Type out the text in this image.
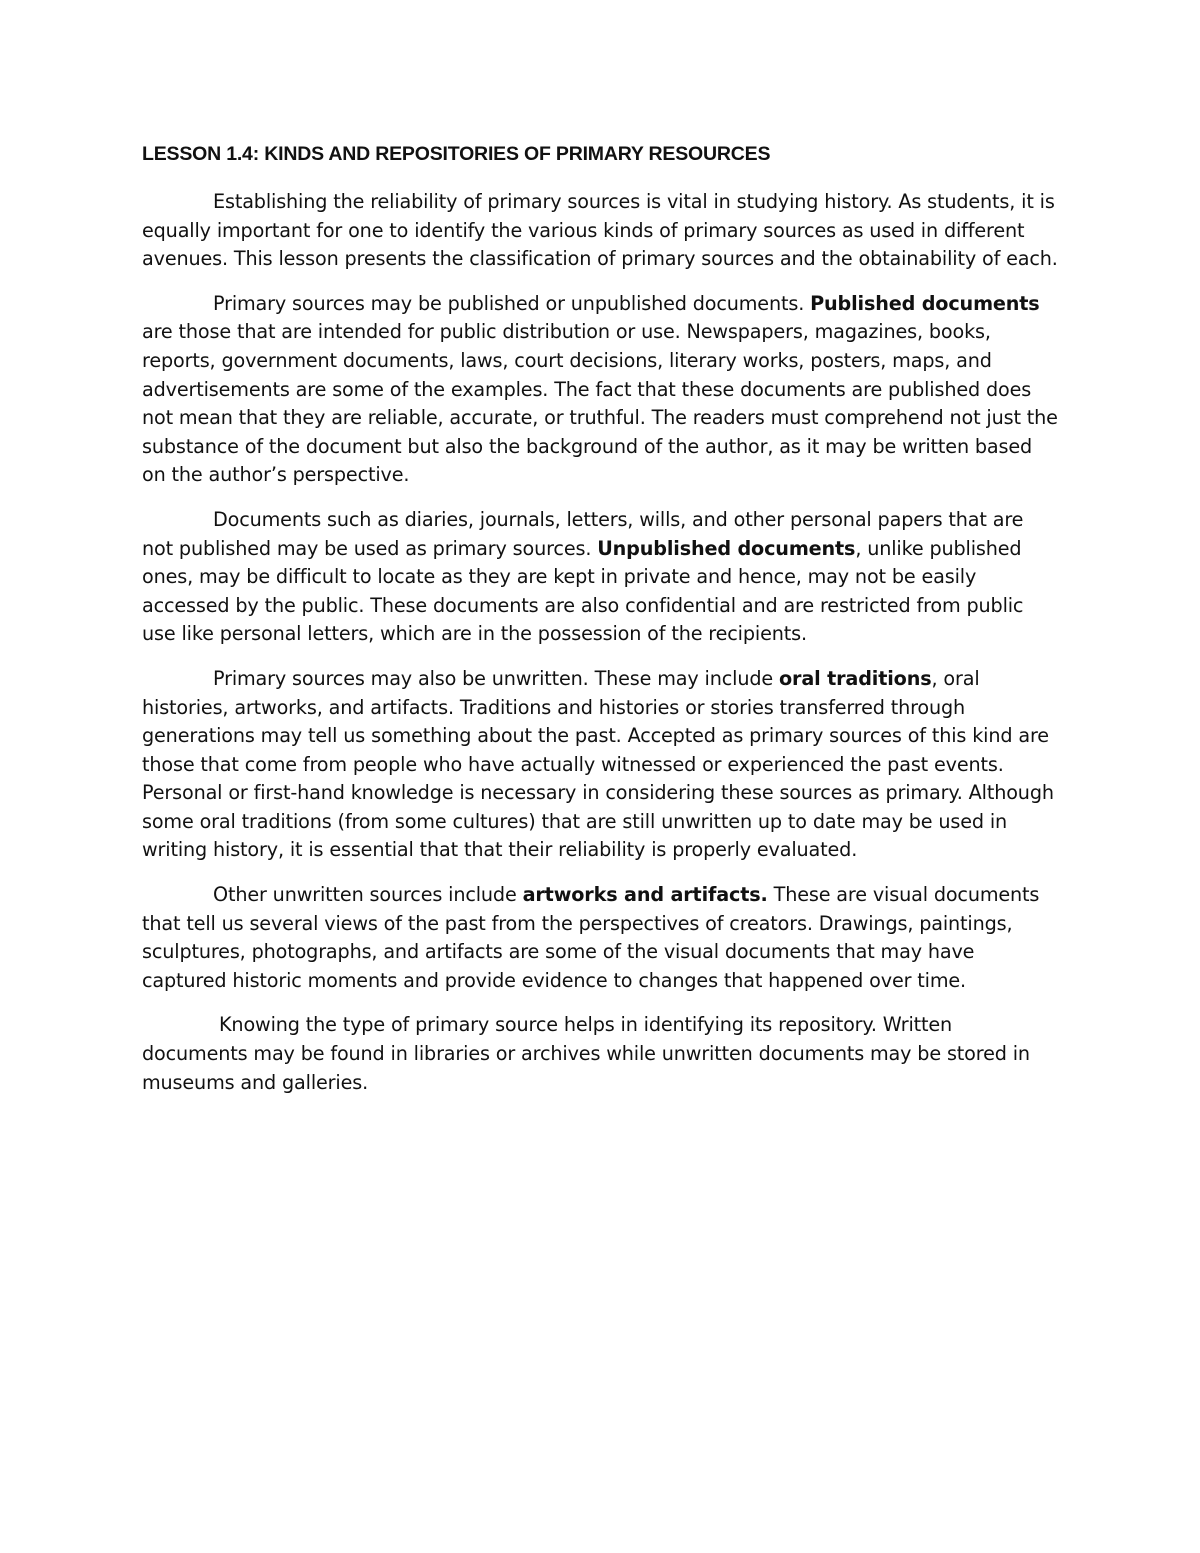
LESSON 1.4: KINDS AND REPOSITORIES OF PRIMARY RESOURCES

Establishing the reliability of primary sources is vital in studying history. As students, it is equally important for one to identify the various kinds of primary sources as used in different avenues. This lesson presents the classification of primary sources and the obtainability of each.

Primary sources may be published or unpublished documents. Published documents are those that are intended for public distribution or use. Newspapers, magazines, books, reports, government documents, laws, court decisions, literary works, posters, maps, and advertisements are some of the examples. The fact that these documents are published does not mean that they are reliable, accurate, or truthful. The readers must comprehend not just the substance of the document but also the background of the author, as it may be written based on the author’s perspective.

Documents such as diaries, journals, letters, wills, and other personal papers that are not published may be used as primary sources. Unpublished documents, unlike published ones, may be difficult to locate as they are kept in private and hence, may not be easily accessed by the public. These documents are also confidential and are restricted from public use like personal letters, which are in the possession of the recipients.

Primary sources may also be unwritten. These may include oral traditions, oral histories, artworks, and artifacts. Traditions and histories or stories transferred through generations may tell us something about the past. Accepted as primary sources of this kind are those that come from people who have actually witnessed or experienced the past events. Personal or first-hand knowledge is necessary in considering these sources as primary. Although some oral traditions (from some cultures) that are still unwritten up to date may be used in writing history, it is essential that that their reliability is properly evaluated.

Other unwritten sources include artworks and artifacts. These are visual documents that tell us several views of the past from the perspectives of creators. Drawings, paintings, sculptures, photographs, and artifacts are some of the visual documents that may have captured historic moments and provide evidence to changes that happened over time.

Knowing the type of primary source helps in identifying its repository. Written documents may be found in libraries or archives while unwritten documents may be stored in museums and galleries.
